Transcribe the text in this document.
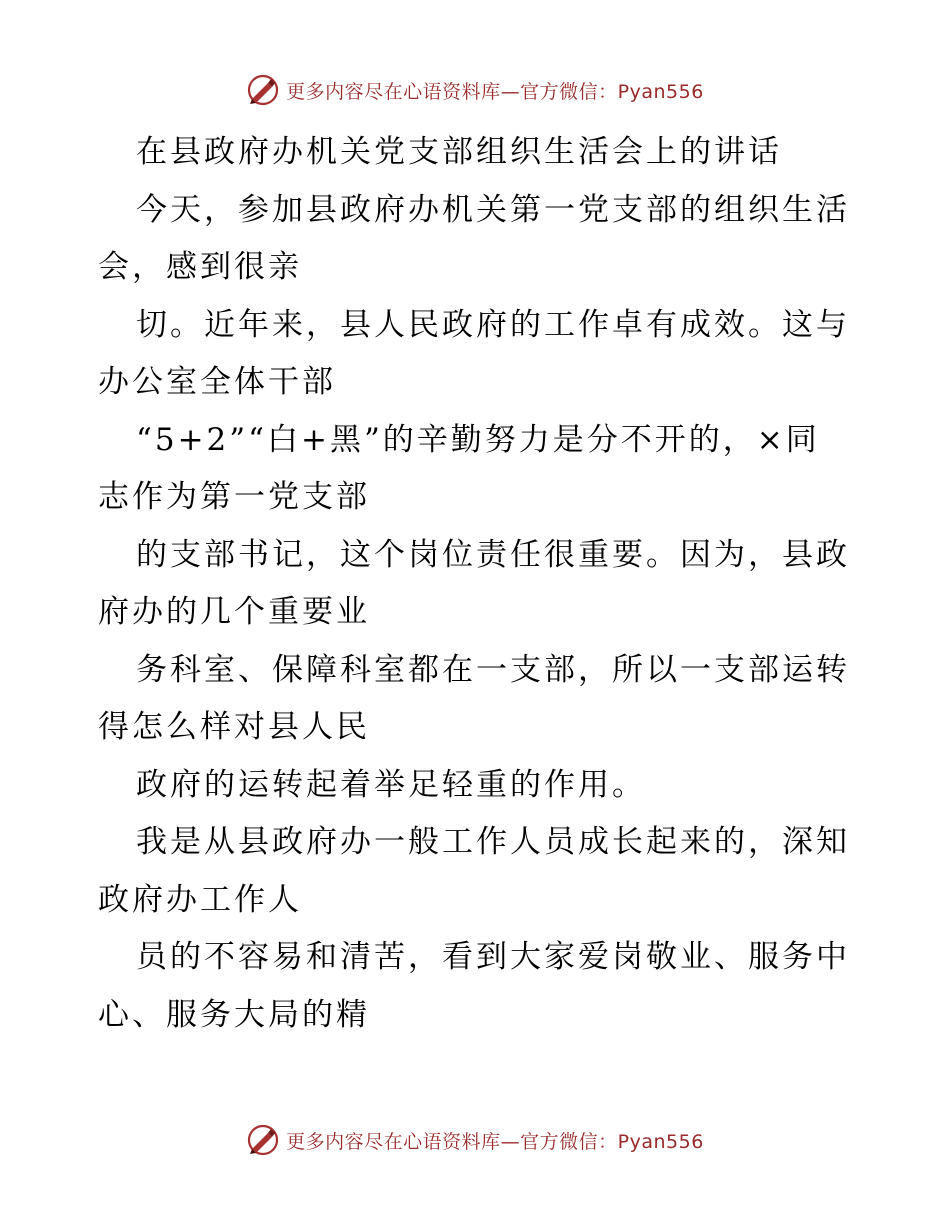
更多内容尽在心语资料库—官方微信：Pyan556
在县政府办机关党支部组织生活会上的讲话
今天，参加县政府办机关第一党支部的组织生活
会，感到很亲
切。近年来，县人民政府的工作卓有成效。这与
办公室全体干部
“5+2”“白+黑”的辛勤努力是分不开的，×同
志作为第一党支部
的支部书记，这个岗位责任很重要。因为，县政
府办的几个重要业
务科室、保障科室都在一支部，所以一支部运转
得怎么样对县人民
政府的运转起着举足轻重的作用。
我是从县政府办一般工作人员成长起来的，深知
政府办工作人
员的不容易和清苦，看到大家爱岗敬业、服务中
心、服务大局的精
更多内容尽在心语资料库—官方微信：Pyan556
